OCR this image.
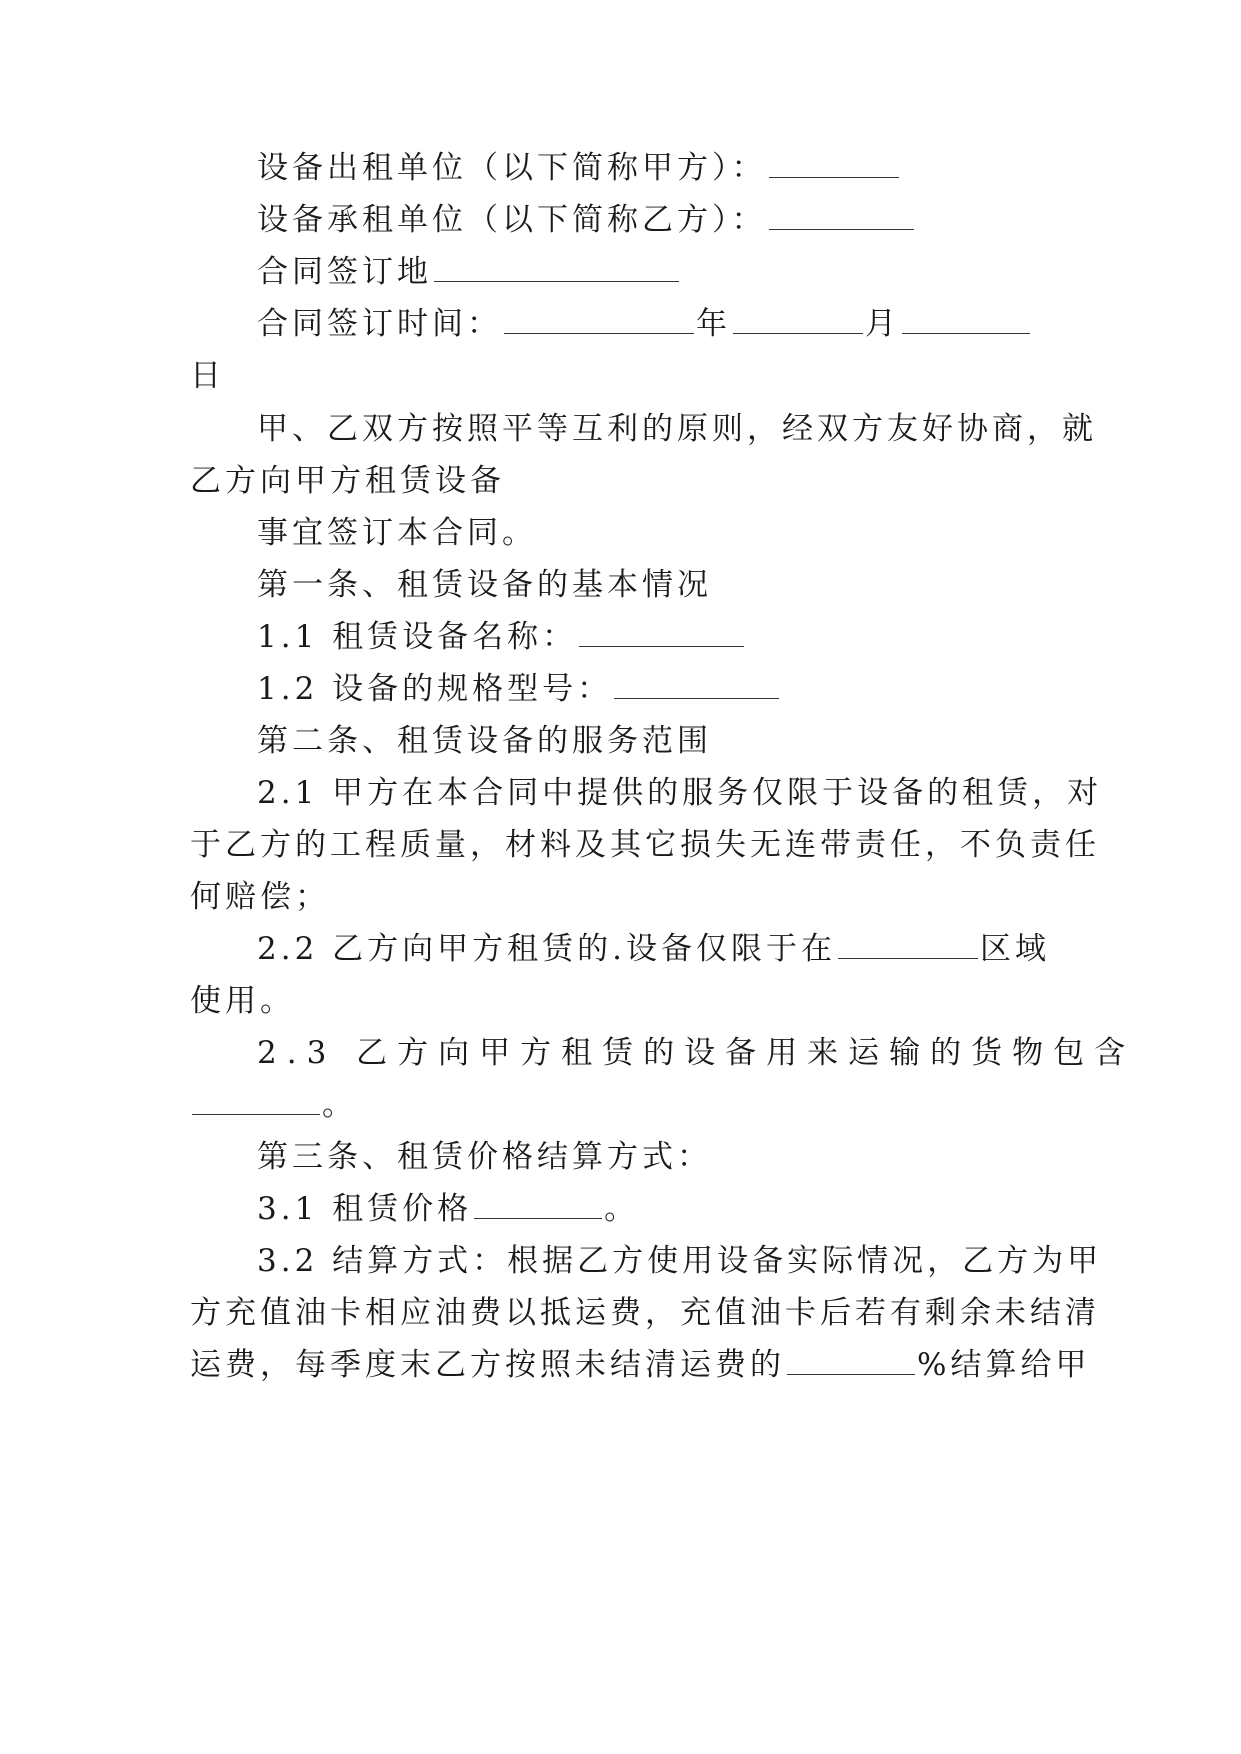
设备出租单位（以下简称甲方）：
设备承租单位（以下简称乙方）：
合同签订地
合同签订时间：	年	月
日
甲、乙双方按照平等互利的原则，经双方友好协商，就
乙方向甲方租赁设备
事宜签订本合同。
第一条、租赁设备的基本情况
1.1 租赁设备名称：
1.2 设备的规格型号：
第二条、租赁设备的服务范围
2.1 甲方在本合同中提供的服务仅限于设备的租赁，对
于乙方的工程质量，材料及其它损失无连带责任，不负责任
何赔偿；
2.2 乙方向甲方租赁的.设备仅限于在	区域
使用。
2.3 乙方向甲方租赁的设备用来运输的货物包含
。
第三条、租赁价格结算方式：
3.1 租赁价格	。
3.2 结算方式：根据乙方使用设备实际情况，乙方为甲
方充值油卡相应油费以抵运费，充值油卡后若有剩余未结清
运费，每季度末乙方按照未结清运费的	%结算给甲
